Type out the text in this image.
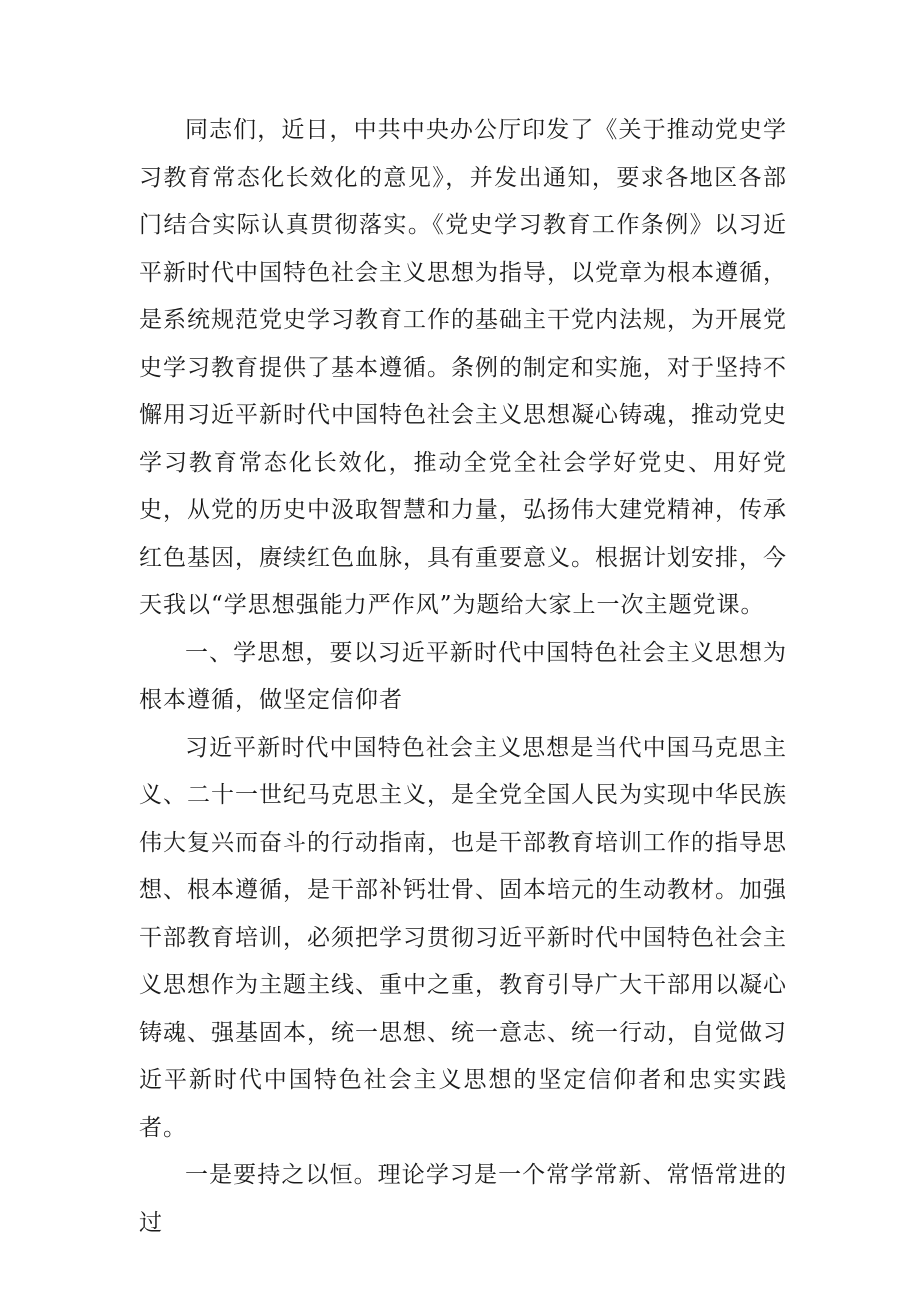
同志们，近日，中共中央办公厅印发了《关于推动党史学习教育常态化长效化的意见》，并发出通知，要求各地区各部门结合实际认真贯彻落实。《党史学习教育工作条例》以习近平新时代中国特色社会主义思想为指导，以党章为根本遵循，是系统规范党史学习教育工作的基础主干党内法规，为开展党史学习教育提供了基本遵循。条例的制定和实施，对于坚持不懈用习近平新时代中国特色社会主义思想凝心铸魂，推动党史学习教育常态化长效化，推动全党全社会学好党史、用好党史，从党的历史中汲取智慧和力量，弘扬伟大建党精神，传承红色基因，赓续红色血脉，具有重要意义。根据计划安排，今天我以“学思想强能力严作风”为题给大家上一次主题党课。

一、学思想，要以习近平新时代中国特色社会主义思想为根本遵循，做坚定信仰者

习近平新时代中国特色社会主义思想是当代中国马克思主义、二十一世纪马克思主义，是全党全国人民为实现中华民族伟大复兴而奋斗的行动指南，也是干部教育培训工作的指导思想、根本遵循，是干部补钙壮骨、固本培元的生动教材。加强干部教育培训，必须把学习贯彻习近平新时代中国特色社会主义思想作为主题主线、重中之重，教育引导广大干部用以凝心铸魂、强基固本，统一思想、统一意志、统一行动，自觉做习近平新时代中国特色社会主义思想的坚定信仰者和忠实实践者。

一是要持之以恒。理论学习是一个常学常新、常悟常进的过
